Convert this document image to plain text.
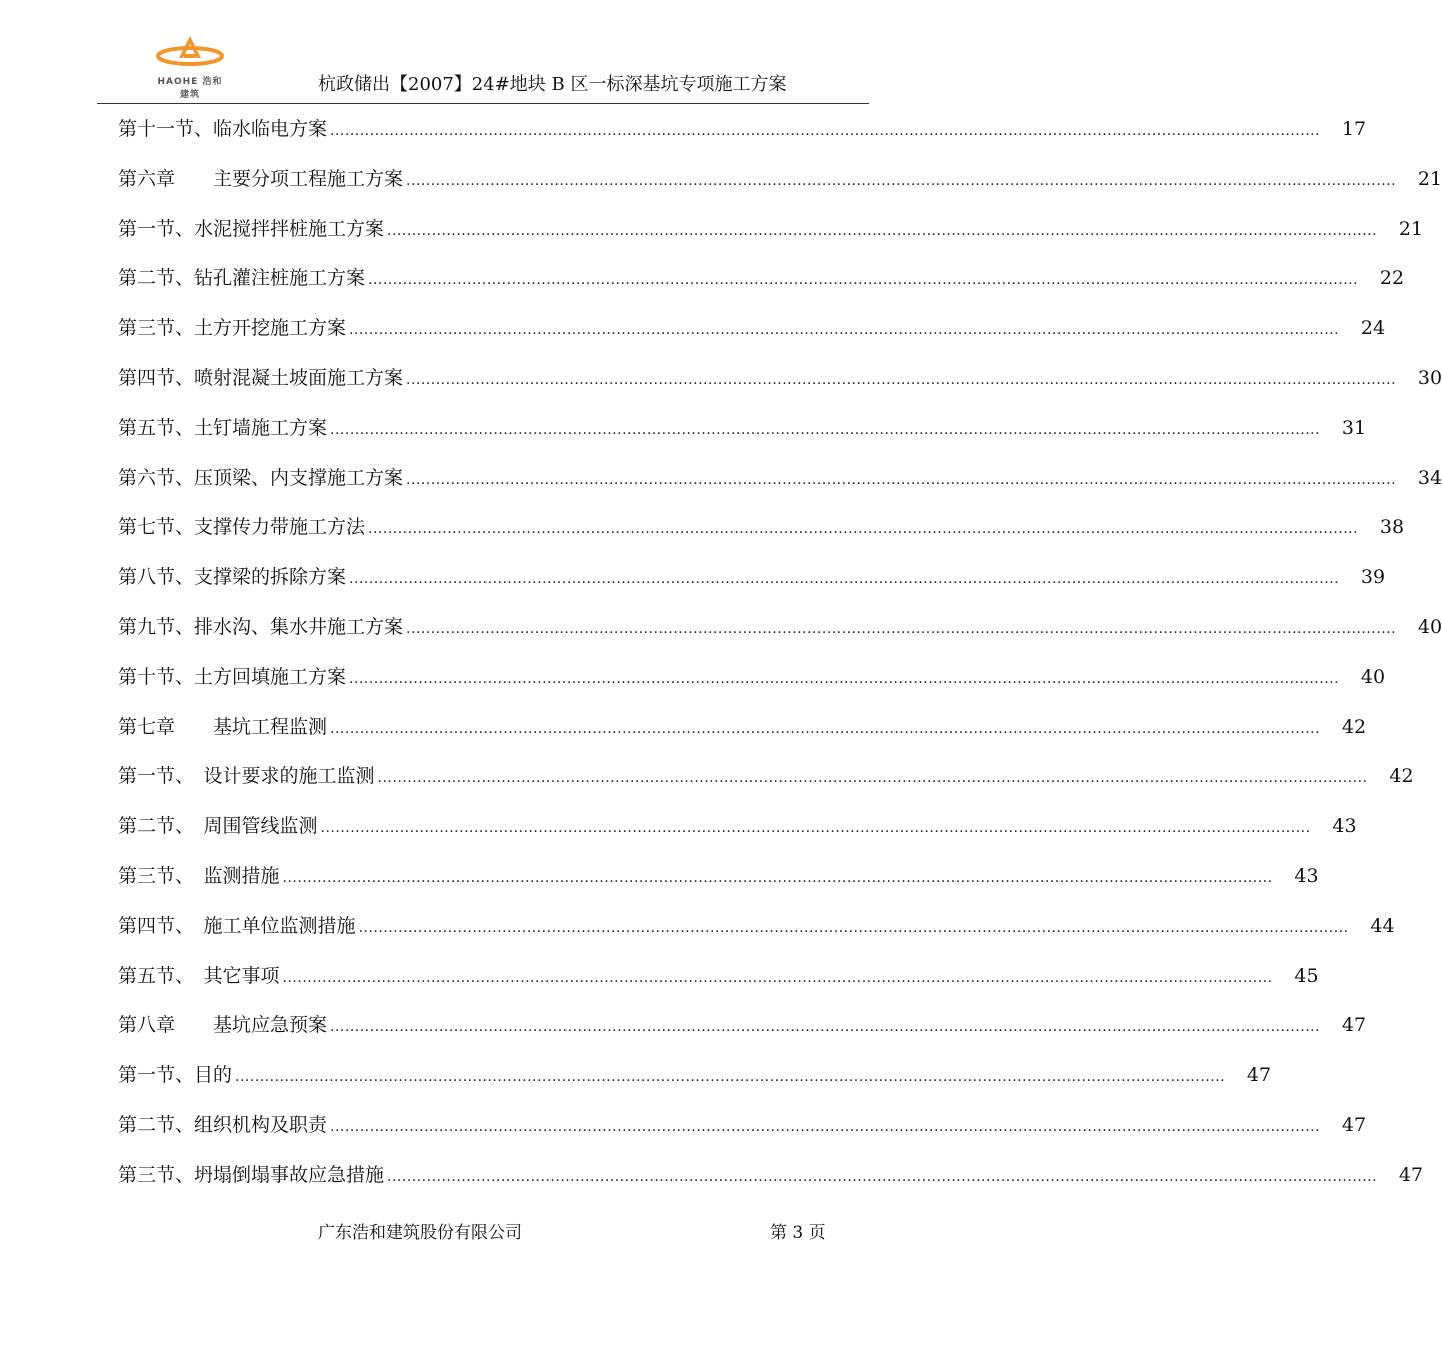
HAOHE 浩和建筑	杭政储出【2007】24#地块 B 区一标深基坑专项施工方案
第十一节、临水临电方案 ........................................................................................................................................................................................................	17
第六章　　主要分项工程施工方案 ........................................................................................................................................................................................................	21
第一节、水泥搅拌拌桩施工方案 ........................................................................................................................................................................................................	21
第二节、钻孔灌注桩施工方案 ........................................................................................................................................................................................................	22
第三节、土方开挖施工方案 ........................................................................................................................................................................................................	24
第四节、喷射混凝土坡面施工方案 ........................................................................................................................................................................................................	30
第五节、土钉墙施工方案 ........................................................................................................................................................................................................	31
第六节、压顶梁、内支撑施工方案 ........................................................................................................................................................................................................	34
第七节、支撑传力带施工方法 ........................................................................................................................................................................................................	38
第八节、支撑梁的拆除方案 ........................................................................................................................................................................................................	39
第九节、排水沟、集水井施工方案 ........................................................................................................................................................................................................	40
第十节、土方回填施工方案 ........................................................................................................................................................................................................	40
第七章　　基坑工程监测 ........................................................................................................................................................................................................	42
第一节、　设计要求的施工监测 ........................................................................................................................................................................................................	42
第二节、　周围管线监测 ........................................................................................................................................................................................................	43
第三节、　监测措施 ........................................................................................................................................................................................................	43
第四节、　施工单位监测措施 ........................................................................................................................................................................................................	44
第五节、　其它事项 ........................................................................................................................................................................................................	45
第八章　　基坑应急预案 ........................................................................................................................................................................................................	47
第一节、目的 ........................................................................................................................................................................................................	47
第二节、组织机构及职责 ........................................................................................................................................................................................................	47
第三节、坍塌倒塌事故应急措施 ........................................................................................................................................................................................................	47
广东浩和建筑股份有限公司	第 3 页
